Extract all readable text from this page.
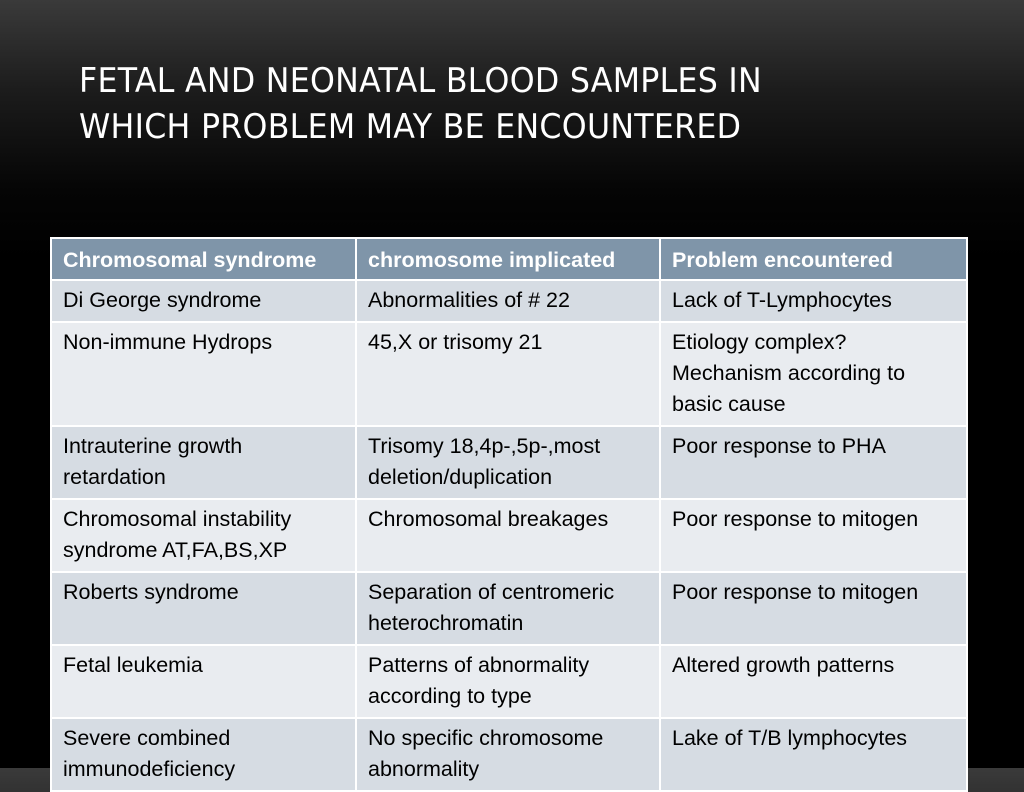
FETAL AND NEONATAL BLOOD SAMPLES IN
WHICH PROBLEM MAY BE ENCOUNTERED
Chromosomal syndrome	chromosome implicated	Problem encountered
Di George syndrome	Abnormalities of # 22	Lack of T-Lymphocytes
Non-immune Hydrops	45,X or trisomy 21	Etiology complex? Mechanism according to basic cause
Intrauterine growth retardation	Trisomy 18,4p-,5p-,most deletion/duplication	Poor response to PHA
Chromosomal instability syndrome AT,FA,BS,XP	Chromosomal breakages	Poor response to mitogen
Roberts syndrome	Separation of centromeric heterochromatin	Poor response to mitogen
Fetal leukemia	Patterns of abnormality according to type	Altered growth patterns
Severe combined immunodeficiency	No specific chromosome abnormality	Lake of T/B lymphocytes
